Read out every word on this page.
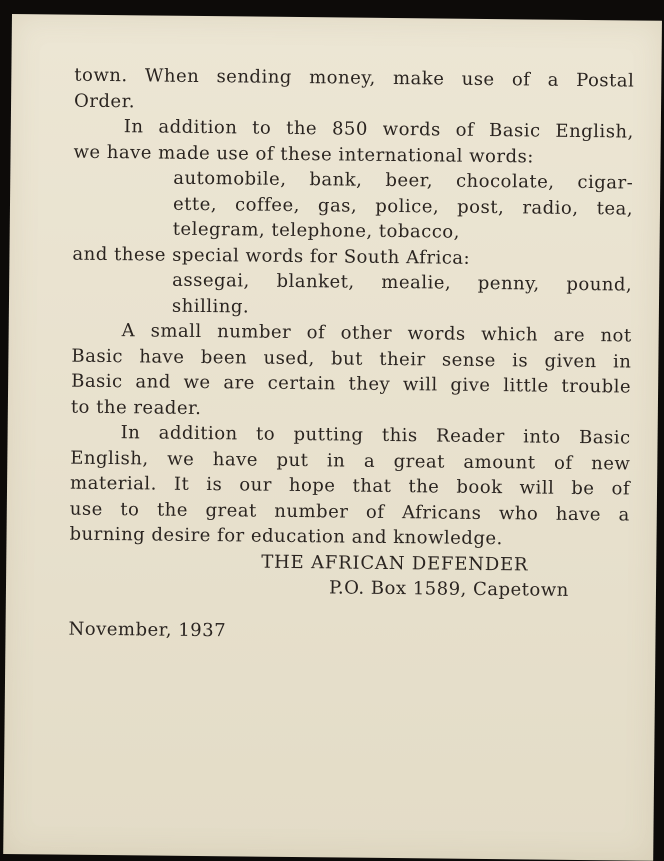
town. When sending money, make use of a Postal
Order.
In addition to the 850 words of Basic English,
we have made use of these international words:
automobile, bank, beer, chocolate, cigar-
ette, coffee, gas, police, post, radio, tea,
telegram, telephone, tobacco,
and these special words for South Africa:
assegai, blanket, mealie, penny, pound,
shilling.
A small number of other words which are not
Basic have been used, but their sense is given in
Basic and we are certain they will give little trouble
to the reader.
In addition to putting this Reader into Basic
English, we have put in a great amount of new
material. It is our hope that the book will be of
use to the great number of Africans who have a
burning desire for education and knowledge.
THE AFRICAN DEFENDER
P.O. Box 1589, Capetown
November, 1937
